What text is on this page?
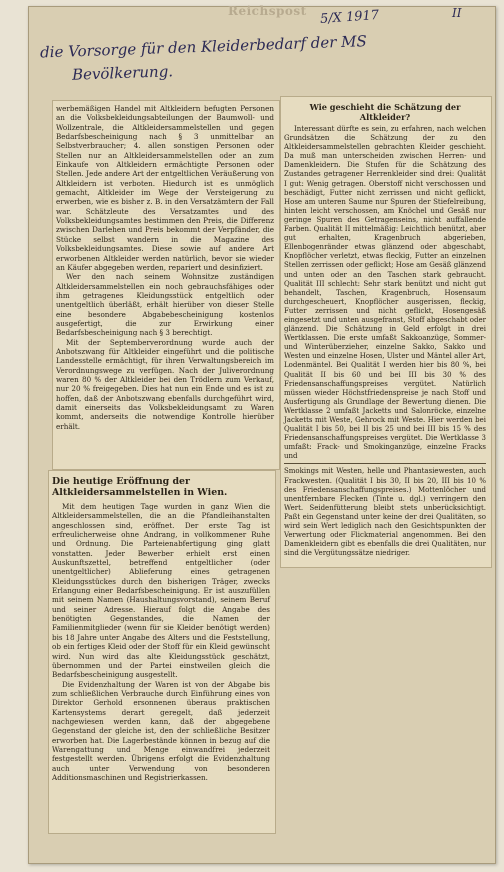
Reichspost 5/X 1917	II
die Vorsorge für den Kleiderbedarf der MS
Bevölkerung.

werbemäßigen Handel mit Altkleidern befugten Personen an die Volksbekleidungsabteilungen der Baumwoll- und Wollzentrale, die Altkleidersammelstellen und gegen Bedarfsbescheinigung nach § 3 unmittelbar an Selbstverbraucher; 4. allen sonstigen Personen oder Stellen nur an Altkleidersammelstellen oder an zum Einkaufe von Altkleidern ermächtigte Personen oder Stellen. Jede andere Art der entgeltlichen Veräußerung von Altkleidern ist verboten. Hiedurch ist es unmöglich gemacht, Altkleider im Wege der Versteigerung zu erwerben, wie es bisher z. B. in den Versatzämtern der Fall war. Schätzleute des Versatzamtes und des Volksbekleidungsamtes bestimmen den Preis, die Differenz zwischen Darlehen und Preis bekommt der Verpfänder, die Stücke selbst wandern in die Magazine des Volksbekleidungsamtes. Diese sowie auf andere Art erworbenen Altkleider werden natürlich, bevor sie wieder an Käufer abgegeben werden, repariert und desinfiziert.

Wer den nach seinem Wohnsitze zuständigen Altkleidersammelstellen ein noch gebrauchsfähiges oder ihm getragenes Kleidungsstück entgeltlich oder unentgeltlich überläßt, erhält hierüber von dieser Stelle eine besondere Abgabebescheinigung kostenlos ausgefertigt, die zur Erwirkung einer Bedarfsbescheinigung nach § 3 berechtigt.

Mit der Septemberverordnung wurde auch der Anbotszwang für Altkleider eingeführt und die politische Landesstelle ermächtigt, für ihren Verwaltungsbereich im Verordnungswege zu verfügen. Nach der Juliverordnung waren 80 % der Altkleider bei den Trödlern zum Verkauf, nur 20 % freigegeben. Dies hat nun ein Ende und es ist zu hoffen, daß der Anbotszwang ebenfalls durchgeführt wird, damit einerseits das Volksbekleidungsamt zu Waren kommt, anderseits die notwendige Kontrolle hierüber erhält.

Die heutige Eröffnung der Altkleidersammelstellen in Wien.

Mit dem heutigen Tage wurden in ganz Wien die Altkleidersammelstellen, die an die Pfandleihanstalten angeschlossen sind, eröffnet. Der erste Tag ist erfreulicherweise ohne Andrang, in vollkommener Ruhe und Ordnung. Die Parteienabfertigung ging glatt vonstatten. Jeder Bewerber erhielt erst einen Auskunftszettel, betreffend entgeltlicher (oder unentgeltlicher) Ablieferung eines getragenen Kleidungsstückes durch den bisherigen Träger, zwecks Erlangung einer Bedarfsbescheinigung. Er ist auszufüllen mit seinem Namen (Haushaltungsvorstand), seinem Beruf und seiner Adresse. Hierauf folgt die Angabe des benötigten Gegenstandes, die Namen der Familienmitglieder (wenn für sie Kleider benötigt werden) bis 18 Jahre unter Angabe des Alters und die Feststellung, ob ein fertiges Kleid oder der Stoff für ein Kleid gewünscht wird. Nun wird das alte Kleidungsstück geschätzt, übernommen und der Partei einstweilen gleich die Bedarfsbescheinigung ausgestellt.

Die Evidenzhaltung der Waren ist von der Abgabe bis zum schließlichen Verbrauche durch Einführung eines von Direktor Gerhold ersonnenen überaus praktischen Kartensystems derart geregelt, daß jederzeit nachgewiesen werden kann, daß der abgegebene Gegenstand der gleiche ist, den der schließliche Besitzer erworben hat. Die Lagerbestände können in bezug auf die Warengattung und Menge einwandfrei jederzeit festgestellt werden. Übrigens erfolgt die Evidenzhaltung auch unter Verwendung von besonderen Additionsmaschinen und Registrierkassen.

Wie geschieht die Schätzung der Altkleider?

Interessant dürfte es sein, zu erfahren, nach welchen Grundsätzen die Schätzung der zu den Altkleidersammelstellen gebrachten Kleider geschieht. Da muß man unterscheiden zwischen Herren- und Damenkleidern. Die Stufen für die Schätzung des Zustandes getragener Herrenkleider sind drei: Qualität I gut: Wenig getragen. Oberstoff nicht verschossen und beschädigt, Futter nicht zerrissen und nicht geflickt, Hose am unteren Saume nur Spuren der Stiefelreibung, hinten leicht verschossen, am Knöchel und Gesäß nur geringe Spuren des Getragenseins, nicht auffallende Farben. Qualität II mittelmäßig: Leichtlich benützt, aber gut erhalten, Kragenbruch abgerieben, Ellenbogenränder etwas glänzend oder abgeschabt, Knopflöcher verletzt, etwas fleckig, Futter an einzelnen Stellen zerrissen oder geflickt; Hose am Gesäß glänzend und unten oder an den Taschen stark gebraucht. Qualität III schlecht: Sehr stark benützt und nicht gut behandelt, Taschen, Kragenbruch, Hosensaum durchgescheuert, Knopflöcher ausgerissen, fleckig, Futter zerrissen und nicht geflickt, Hosengesäß eingesetzt und unten ausgefranst, Stoff abgeschabt oder glänzend. Die Schätzung in Geld erfolgt in drei Wertklassen. Die erste umfaßt Sakkoanzüge, Sommer- und Winterüberzieher, einzelne Sakko, Sakko und Westen und einzelne Hosen, Ulster und Mäntel aller Art, Lodenmäntel. Bei Qualität I werden hier bis 80 %, bei Qualität II bis 60 und bei III bis 30 % des Friedensanschaffungspreises vergütet. Natürlich müssen wieder Höchstfriedenspreise je nach Stoff und Ausfertigung als Grundlage der Bewertung dienen. Die Wertklasse 2 umfaßt Jacketts und Salonröcke, einzelne Jacketts mit Weste, Gehrock mit Weste. Hier werden bei Qualität I bis 50, bei II bis 25 und bei III bis 15 % des Friedensanschaffungspreises vergütet. Die Wertklasse 3 umfaßt: Frack- und Smokinganzüge, einzelne Fracks und

Smokings mit Westen, helle und Phantasiewesten, auch Frackwesten. (Qualität I bis 30, II bis 20, III bis 10 % des Friedensanschaffungspreises.) Mottenlöcher und unentfernbare Flecken (Tinte u. dgl.) verringern den Wert. Seidenfütterung bleibt stets unberücksichtigt. Paßt ein Gegenstand unter keine der drei Qualitäten, so wird sein Wert lediglich nach den Gesichtspunkten der Verwertung oder Flickmaterial angenommen. Bei den Damenkleidern gibt es ebenfalls die drei Qualitäten, nur sind die Vergütungssätze niedriger.
